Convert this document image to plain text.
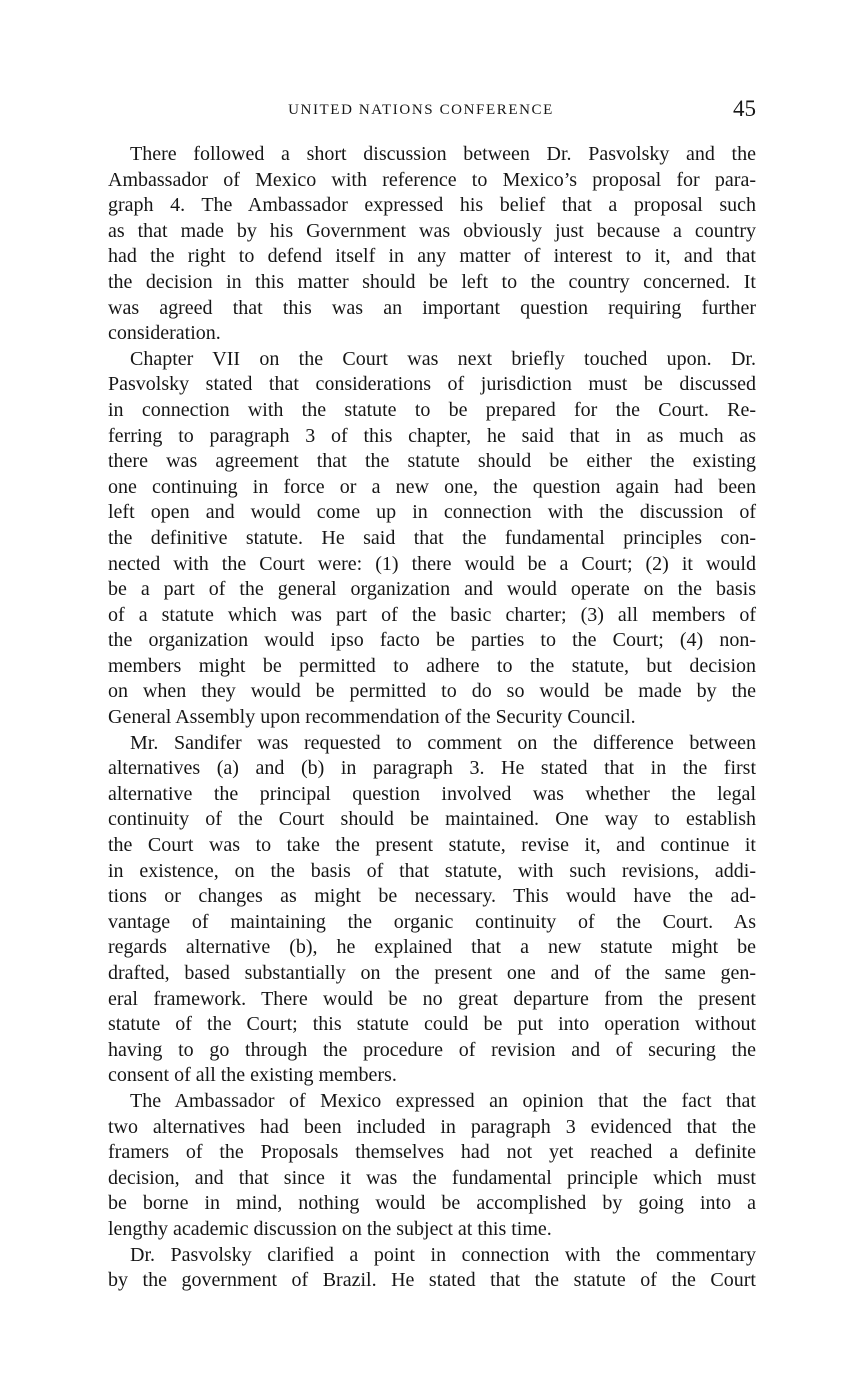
UNITED NATIONS CONFERENCE	45
There followed a short discussion between Dr. Pasvolsky and the
Ambassador of Mexico with reference to Mexico’s proposal for para-
graph 4. The Ambassador expressed his belief that a proposal such
as that made by his Government was obviously just because a country
had the right to defend itself in any matter of interest to it, and that
the decision in this matter should be left to the country concerned. It
was agreed that this was an important question requiring further
consideration.
Chapter VII on the Court was next briefly touched upon. Dr.
Pasvolsky stated that considerations of jurisdiction must be discussed
in connection with the statute to be prepared for the Court. Re-
ferring to paragraph 3 of this chapter, he said that in as much as
there was agreement that the statute should be either the existing
one continuing in force or a new one, the question again had been
left open and would come up in connection with the discussion of
the definitive statute. He said that the fundamental principles con-
nected with the Court were: (1) there would be a Court; (2) it would
be a part of the general organization and would operate on the basis
of a statute which was part of the basic charter; (3) all members of
the organization would ipso facto be parties to the Court; (4) non-
members might be permitted to adhere to the statute, but decision
on when they would be permitted to do so would be made by the
General Assembly upon recommendation of the Security Council.
Mr. Sandifer was requested to comment on the difference between
alternatives (a) and (b) in paragraph 3. He stated that in the first
alternative the principal question involved was whether the legal
continuity of the Court should be maintained. One way to establish
the Court was to take the present statute, revise it, and continue it
in existence, on the basis of that statute, with such revisions, addi-
tions or changes as might be necessary. This would have the ad-
vantage of maintaining the organic continuity of the Court. As
regards alternative (b), he explained that a new statute might be
drafted, based substantially on the present one and of the same gen-
eral framework. There would be no great departure from the present
statute of the Court; this statute could be put into operation without
having to go through the procedure of revision and of securing the
consent of all the existing members.
The Ambassador of Mexico expressed an opinion that the fact that
two alternatives had been included in paragraph 3 evidenced that the
framers of the Proposals themselves had not yet reached a definite
decision, and that since it was the fundamental principle which must
be borne in mind, nothing would be accomplished by going into a
lengthy academic discussion on the subject at this time.
Dr. Pasvolsky clarified a point in connection with the commentary
by the government of Brazil. He stated that the statute of the Court
